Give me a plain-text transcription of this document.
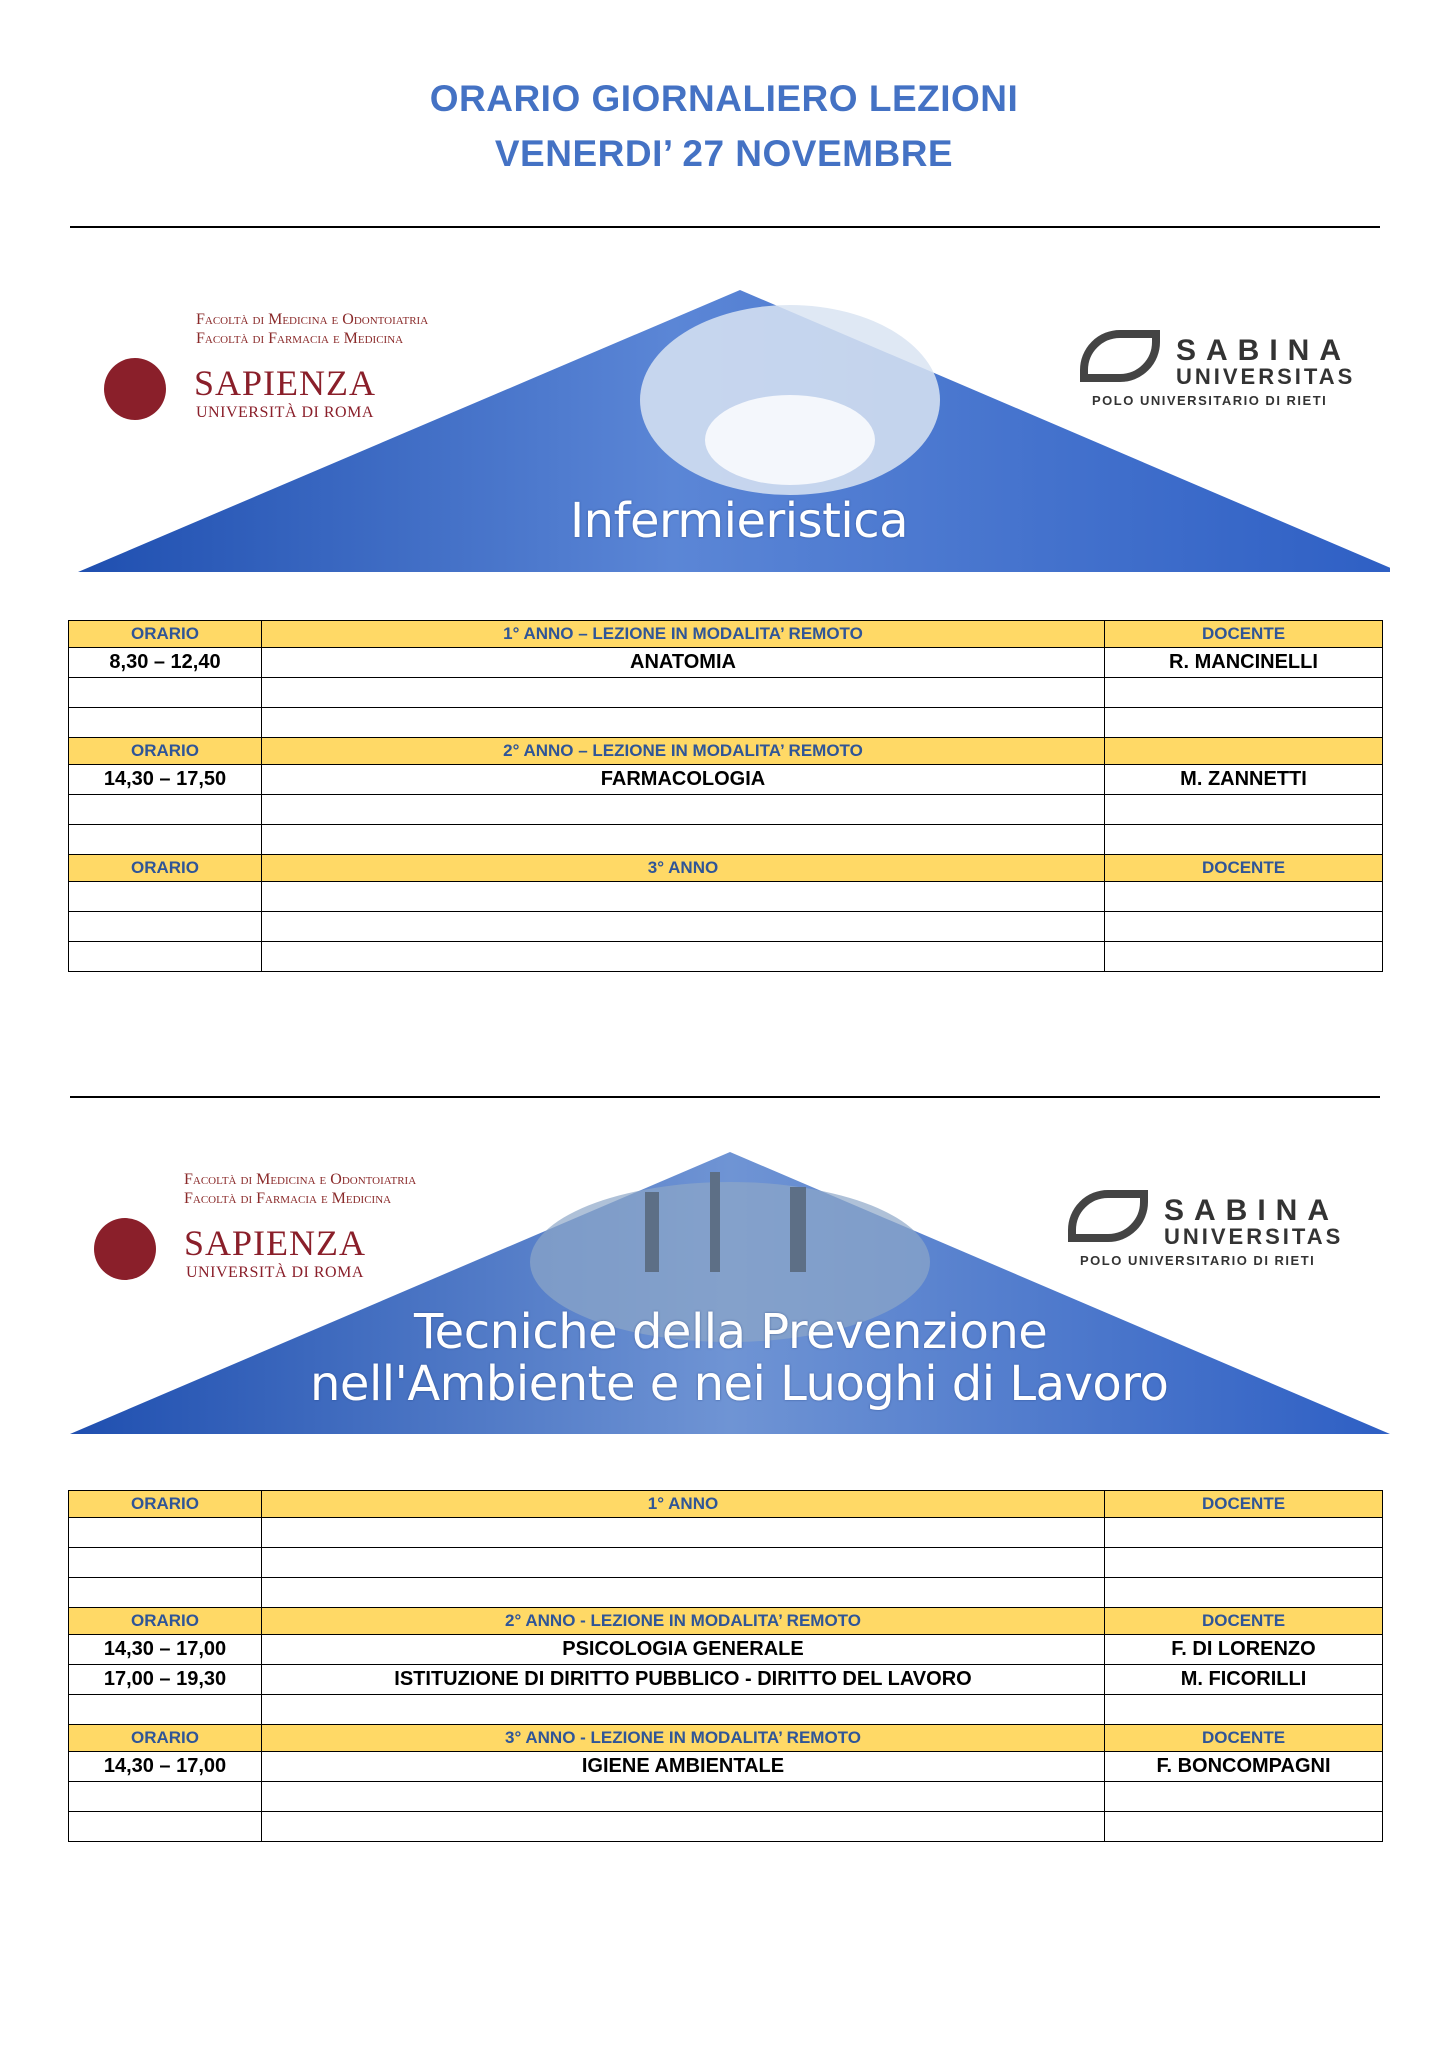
ORARIO GIORNALIERO LEZIONI
VENERDI’ 27 NOVEMBRE
Facoltà di Medicina e Odontoiatria
Facoltà di Farmacia e Medicina
SAPIENZA
UNIVERSITÀ DI ROMA
SABINA
UNIVERSITAS
POLO UNIVERSITARIO DI RIETI
Infermieristica
ORARIO	1° ANNO – LEZIONE IN MODALITA’ REMOTO	DOCENTE
8,30 – 12,40	ANATOMIA	R. MANCINELLI

ORARIO	2° ANNO – LEZIONE IN MODALITA’ REMOTO	
14,30 – 17,50	FARMACOLOGIA	M. ZANNETTI

ORARIO	3° ANNO	DOCENTE

Facoltà di Medicina e Odontoiatria
Facoltà di Farmacia e Medicina
SAPIENZA
UNIVERSITÀ DI ROMA
SABINA
UNIVERSITAS
POLO UNIVERSITARIO DI RIETI
Tecniche della Prevenzione
nell'Ambiente e nei Luoghi di Lavoro
ORARIO	1° ANNO	DOCENTE

ORARIO	2° ANNO - LEZIONE IN MODALITA’ REMOTO	DOCENTE
14,30 – 17,00	PSICOLOGIA GENERALE	F. DI LORENZO
17,00 – 19,30	ISTITUZIONE DI DIRITTO PUBBLICO - DIRITTO DEL LAVORO	M. FICORILLI

ORARIO	3° ANNO - LEZIONE IN MODALITA’ REMOTO	DOCENTE
14,30 – 17,00	IGIENE AMBIENTALE	F. BONCOMPAGNI
